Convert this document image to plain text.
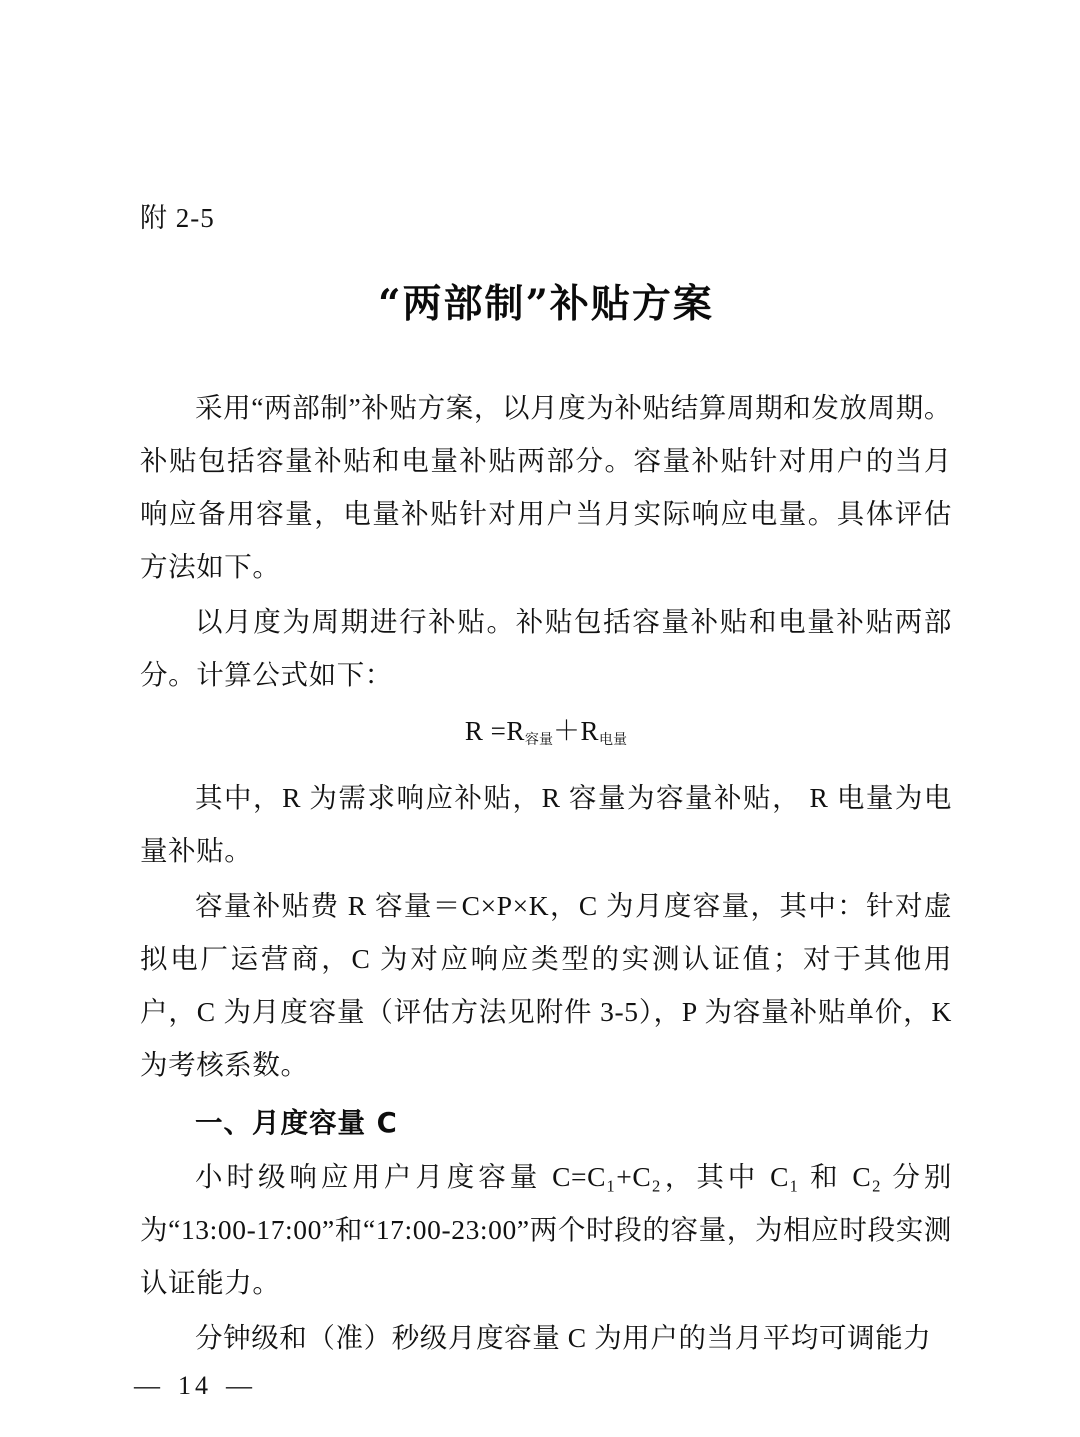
附 2-5
“两部制”补贴方案

采用“两部制”补贴方案，以月度为补贴结算周期和发放周期。补贴包括容量补贴和电量补贴两部分。容量补贴针对用户的当月响应备用容量，电量补贴针对用户当月实际响应电量。具体评估方法如下。

以月度为周期进行补贴。补贴包括容量补贴和电量补贴两部分。计算公式如下：

R =R容量＋R电量

其中，R 为需求响应补贴，R 容量为容量补贴， R 电量为电量补贴。

容量补贴费 R 容量＝C×P×K，C 为月度容量，其中：针对虚拟电厂运营商，C 为对应响应类型的实测认证值；对于其他用户，C 为月度容量（评估方法见附件 3-5），P 为容量补贴单价，K 为考核系数。

一、月度容量 C

小时级响应用户月度容量 C=C₁+C₂，其中 C₁ 和 C₂ 分别为“13:00-17:00”和“17:00-23:00”两个时段的容量，为相应时段实测认证能力。

分钟级和（准）秒级月度容量 C 为用户的当月平均可调能力

— 14 —
